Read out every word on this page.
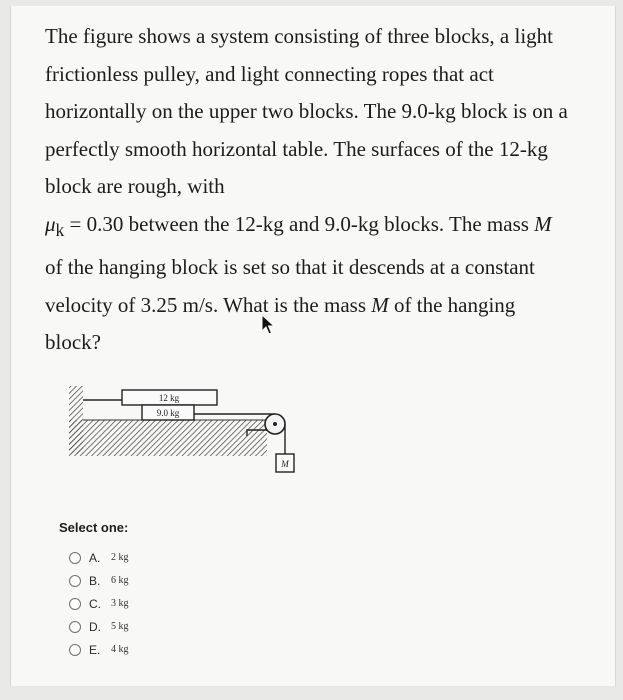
The figure shows a system consisting of three blocks, a light

frictionless pulley, and light connecting ropes that act

horizontally on the upper two blocks. The 9.0-kg block is on a

perfectly smooth horizontal table. The surfaces of the 12-kg

block are rough, with

$\mu_k = 0.30$ between the 12-kg and 9.0-kg blocks. The mass M

of the hanging block is set so that it descends at a constant

velocity of 3.25 m/s. What is the mass M of the hanging

block?

12 kg
9.0 kg
M
Select one:
A.	2 kg
B.	6 kg
C.	3 kg
D.	5 kg
E.	4 kg
